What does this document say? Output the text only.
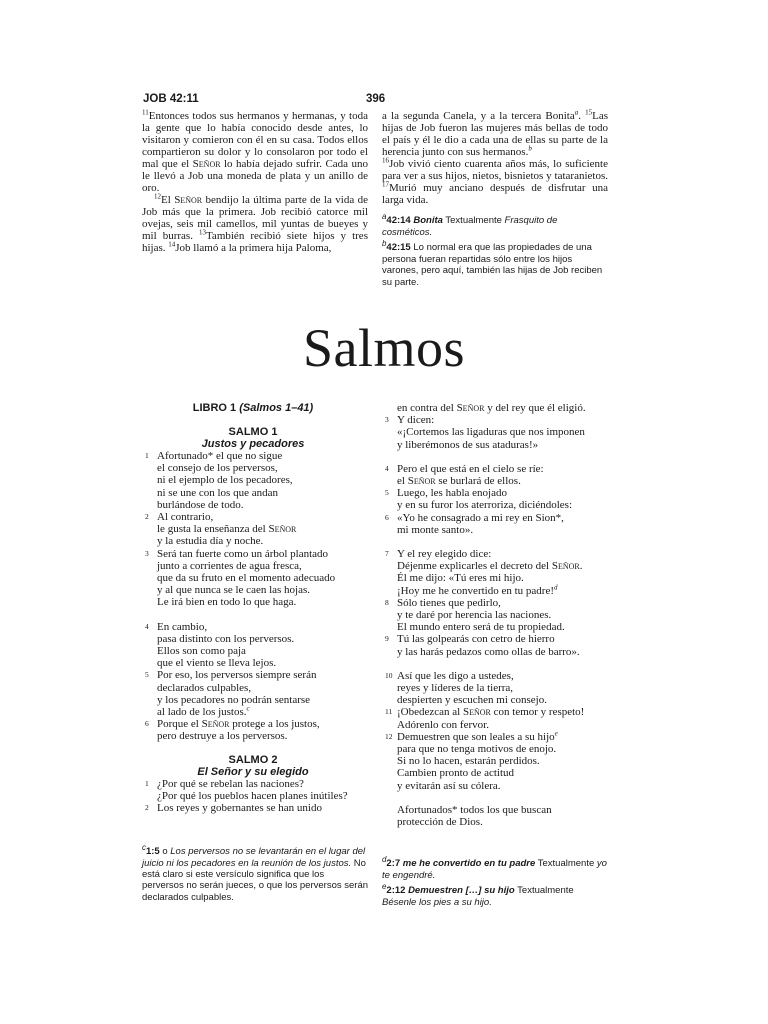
JOB 42:11	396

$^{11}$Entonces todos sus hermanos y hermanas, y toda la gente que lo había conocido desde antes, lo visitaron y comieron con él en su casa. Todos ellos compartieron su dolor y lo consolaron por todo el mal que el Señor lo había dejado sufrir. Cada uno le llevó a Job una moneda de plata y un anillo de oro.

$^{12}$El Señor bendijo la última parte de la vida de Job más que la primera. Job recibió catorce mil ovejas, seis mil camellos, mil yuntas de bueyes y mil burras. $^{13}$También recibió siete hijos y tres hijas. $^{14}$Job llamó a la primera hija Paloma,

a la segunda Canela, y a la tercera Bonita$^a$. $^{15}$Las hijas de Job fueron las mujeres más bellas de todo el país y él le dio a cada una de ellas su parte de la herencia junto con sus hermanos.$^b$
$^{16}$Job vivió ciento cuarenta años más, lo suficiente para ver a sus hijos, nietos, bisnietos y tataranietos. $^{17}$Murió muy anciano después de disfrutar una larga vida.

$^a$42:14 Bonita Textualmente Frasquito de cosméticos.

$^b$42:15 Lo normal era que las propiedades de una persona fueran repartidas sólo entre los hijos varones, pero aquí, también las hijas de Job reciben su parte.

Salmos
LIBRO 1 (Salmos 1–41)
SALMO 1
Justos y pecadores
1 Afortunado* el que no sigue
el consejo de los perversos,
ni el ejemplo de los pecadores,
ni se une con los que andan
burlándose de todo.
2 Al contrario,
le gusta la enseñanza del Señor
y la estudia día y noche.
3 Será tan fuerte como un árbol plantado
junto a corrientes de agua fresca,
que da su fruto en el momento adecuado
y al que nunca se le caen las hojas.
Le irá bien en todo lo que haga.
4 En cambio,
pasa distinto con los perversos.
Ellos son como paja
que el viento se lleva lejos.
5 Por eso, los perversos siempre serán
declarados culpables,
y los pecadores no podrán sentarse
al lado de los justos.$^c$
6 Porque el Señor protege a los justos,
pero destruye a los perversos.
SALMO 2
El Señor y su elegido
1 ¿Por qué se rebelan las naciones?
¿Por qué los pueblos hacen planes inútiles?
2 Los reyes y gobernantes se han unido
en contra del Señor y del rey que él eligió.
3 Y dicen:
«¡Cortemos las ligaduras que nos imponen
y liberémonos de sus ataduras!»
4 Pero el que está en el cielo se ríe:
el Señor se burlará de ellos.
5 Luego, les habla enojado
y en su furor los aterroriza, diciéndoles:
6 «Yo he consagrado a mi rey en Sion*,
mi monte santo».
7 Y el rey elegido dice:
Déjenme explicarles el decreto del Señor.
Él me dijo: «Tú eres mi hijo.
¡Hoy me he convertido en tu padre!$^d$
8 Sólo tienes que pedirlo,
y te daré por herencia las naciones.
El mundo entero será de tu propiedad.
9 Tú las golpearás con cetro de hierro
y las harás pedazos como ollas de barro».
10 Así que les digo a ustedes,
reyes y líderes de la tierra,
despierten y escuchen mi consejo.
11 ¡Obedezcan al Señor con temor y respeto!
Adórenlo con fervor.
12 Demuestren que son leales a su hijo$^e$
para que no tenga motivos de enojo.
Si no lo hacen, estarán perdidos.
Cambien pronto de actitud
y evitarán así su cólera.
Afortunados* todos los que buscan
protección de Dios.
$^c$1:5 o Los perversos no se levantarán en el lugar del juicio ni los pecadores en la reunión de los justos. No está claro si este versículo significa que los perversos no serán jueces, o que los perversos serán declarados culpables.
$^d$2:7 me he convertido en tu padre Textualmente yo te engendré.
$^e$2:12 Demuestren […] su hijo Textualmente Bésenle los pies a su hijo.
